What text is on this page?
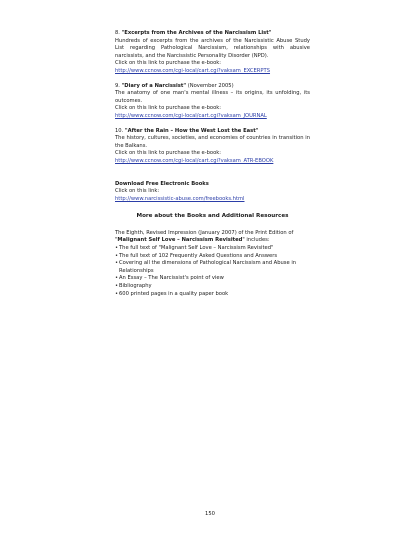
8. "Excerpts from the Archives of the Narcissism List"

Hundreds of excerpts from the archives of the Narcissistic Abuse Study List regarding Pathological Narcissism, relationships with abusive narcissists, and the Narcissistic Personality Disorder (NPD).

Click on this link to purchase the e-book:

http://www.ccnow.com/cgi-local/cart.cgi?vaksam_EXCERPTS

9. "Diary of a Narcissist" (November 2005)

The anatomy of one man's mental illness – its origins, its unfolding, its outcomes.

Click on this link to purchase the e-book:

http://www.ccnow.com/cgi-local/cart.cgi?vaksam_JOURNAL

10. "After the Rain – How the West Lost the East"

The history, cultures, societies, and economies of countries in transition in the Balkans.

Click on this link to purchase the e-book:

http://www.ccnow.com/cgi-local/cart.cgi?vaksam_ATR-EBOOK

Download Free Electronic Books

Click on this link:

http://www.narcissistic-abuse.com/freebooks.html

More about the Books and Additional Resources

The Eighth, Revised Impression (January 2007) of the Print Edition of "Malignant Self Love – Narcissism Revisited" includes:

• The full text of "Malignant Self Love – Narcissism Revisited"
• The full text of 102 Frequently Asked Questions and Answers
• Covering all the dimensions of Pathological Narcissism and Abuse in Relationships
• An Essay – The Narcissist's point of view
• Bibliography
• 600 printed pages in a quality paper book
150
